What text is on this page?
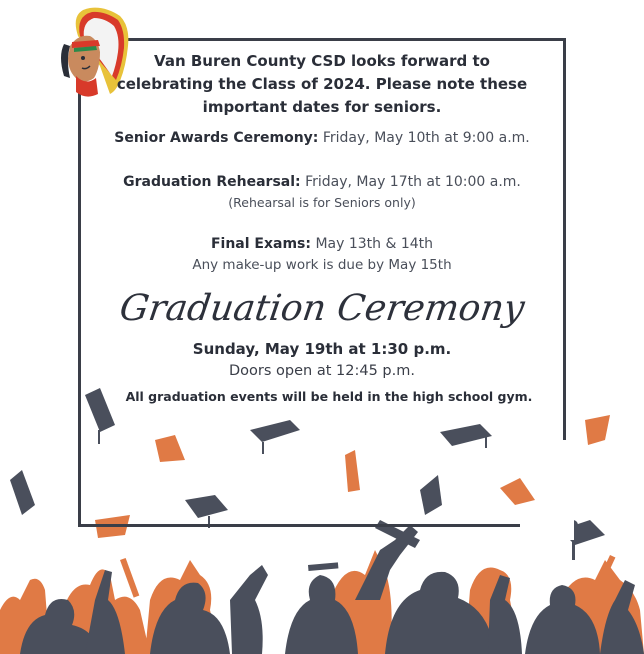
Van Buren County CSD looks forward to
celebrating the Class of 2024. Please note these
important dates for seniors.
Senior Awards Ceremony: Friday, May 10th at 9:00 a.m.
Graduation Rehearsal: Friday, May 17th at 10:00 a.m.
(Rehearsal is for Seniors only)
Final Exams: May 13th & 14th
Any make-up work is due by May 15th
Graduation Ceremony
Sunday, May 19th at 1:30 p.m.
Doors open at 12:45 p.m.
All graduation events will be held in the high school gym.
